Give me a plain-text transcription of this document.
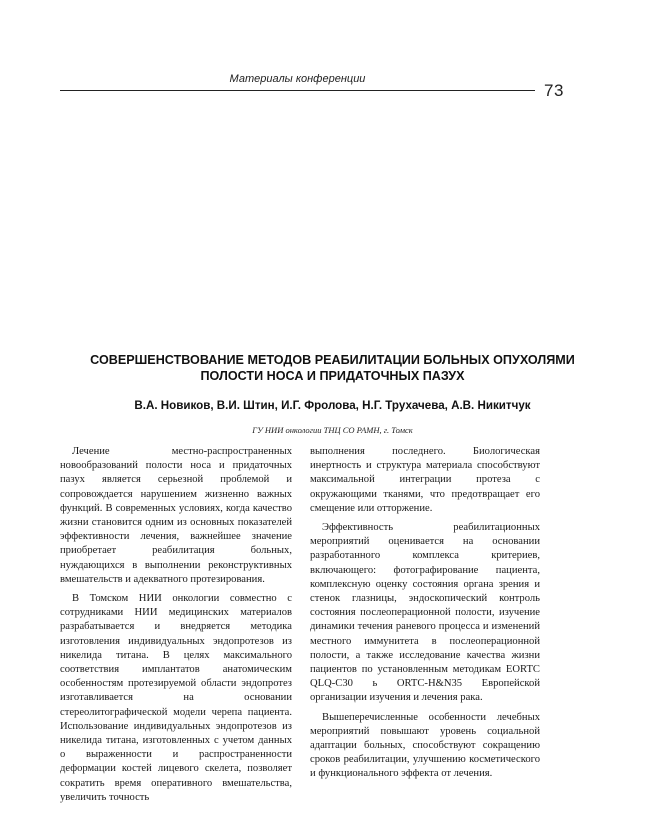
Материалы конференции
73
СОВЕРШЕНСТВОВАНИЕ МЕТОДОВ РЕАБИЛИТАЦИИ БОЛЬНЫХ ОПУХОЛЯМИ
ПОЛОСТИ НОСА И ПРИДАТОЧНЫХ ПАЗУХ
В.А. Новиков, В.И. Штин, И.Г. Фролова, Н.Г. Трухачева, А.В. Никитчук
ГУ НИИ онкологии ТНЦ СО РАМН, г. Томск

Лечение местно-распространенных новообразований полости носа и придаточных пазух является серьезной проблемой и сопровождается нарушением жизненно важных функций. В современных условиях, когда качество жизни становится одним из основных показателей эффективности лечения, важнейшее значение приобретает реабилитация больных, нуждающихся в выполнении реконструктивных вмешательств и адекватного протезирования.

В Томском НИИ онкологии совместно с сотрудниками НИИ медицинских материалов разрабатывается и внедряется методика изготовления индивидуальных эндопротезов из никелида титана. В целях максимального соответствия имплантатов анатомическим особенностям протезируемой области эндопротез изготавливается на основании стереолитографической модели черепа пациента. Использование индивидуальных эндопротезов из никелида титана, изготовленных с учетом данных о выраженности и распространенности деформации костей лицевого скелета, позволяет сократить время оперативного вмешательства, увеличить точность

выполнения последнего. Биологическая инертность и структура материала способствуют максимальной интеграции протеза с окружающими тканями, что предотвращает его смещение или отторжение.

Эффективность реабилитационных мероприятий оценивается на основании разработанного комплекса критериев, включающего: фотографирование пациента, комплексную оценку состояния органа зрения и стенок глазницы, эндоскопический контроль состояния послеоперационной полости, изучение динамики течения раневого процесса и изменений местного иммунитета в послеоперационной полости, а также исследование качества жизни пациентов по установленным методикам EORTC QLQ-C30 ь ORTC-H&N35 Европейской организации изучения и лечения рака.

Вышеперечисленные особенности лечебных мероприятий повышают уровень социальной адаптации больных, способствуют сокращению сроков реабилитации, улучшению косметического и функционального эффекта от лечения.
